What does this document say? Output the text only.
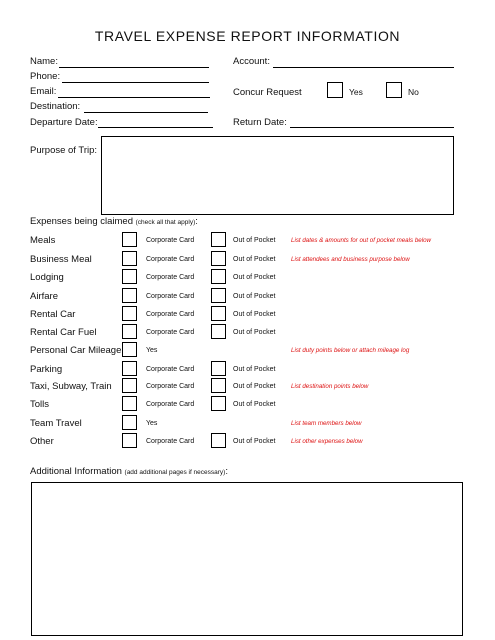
TRAVEL EXPENSE REPORT INFORMATION
Name:
Phone:
Email:
Destination:
Departure Date:
Account:
Concur Request	Yes	No
Return Date:
Purpose of Trip:
Expenses being claimed (check all that apply):
Meals	Corporate Card	Out of Pocket	List dates & amounts for out of pocket meals below
Business Meal	Corporate Card	Out of Pocket	List attendees and business purpose below
Lodging	Corporate Card	Out of Pocket
Airfare	Corporate Card	Out of Pocket
Rental Car	Corporate Card	Out of Pocket
Rental Car Fuel	Corporate Card	Out of Pocket
Personal Car Mileage	Yes	List duty points below or attach mileage log
Parking	Corporate Card	Out of Pocket
Taxi, Subway, Train	Corporate Card	Out of Pocket	List destination points below
Tolls	Corporate Card	Out of Pocket
Team Travel	Yes	List team members below
Other	Corporate Card	Out of Pocket	List other expenses below
Additional Information (add additional pages if necessary):
